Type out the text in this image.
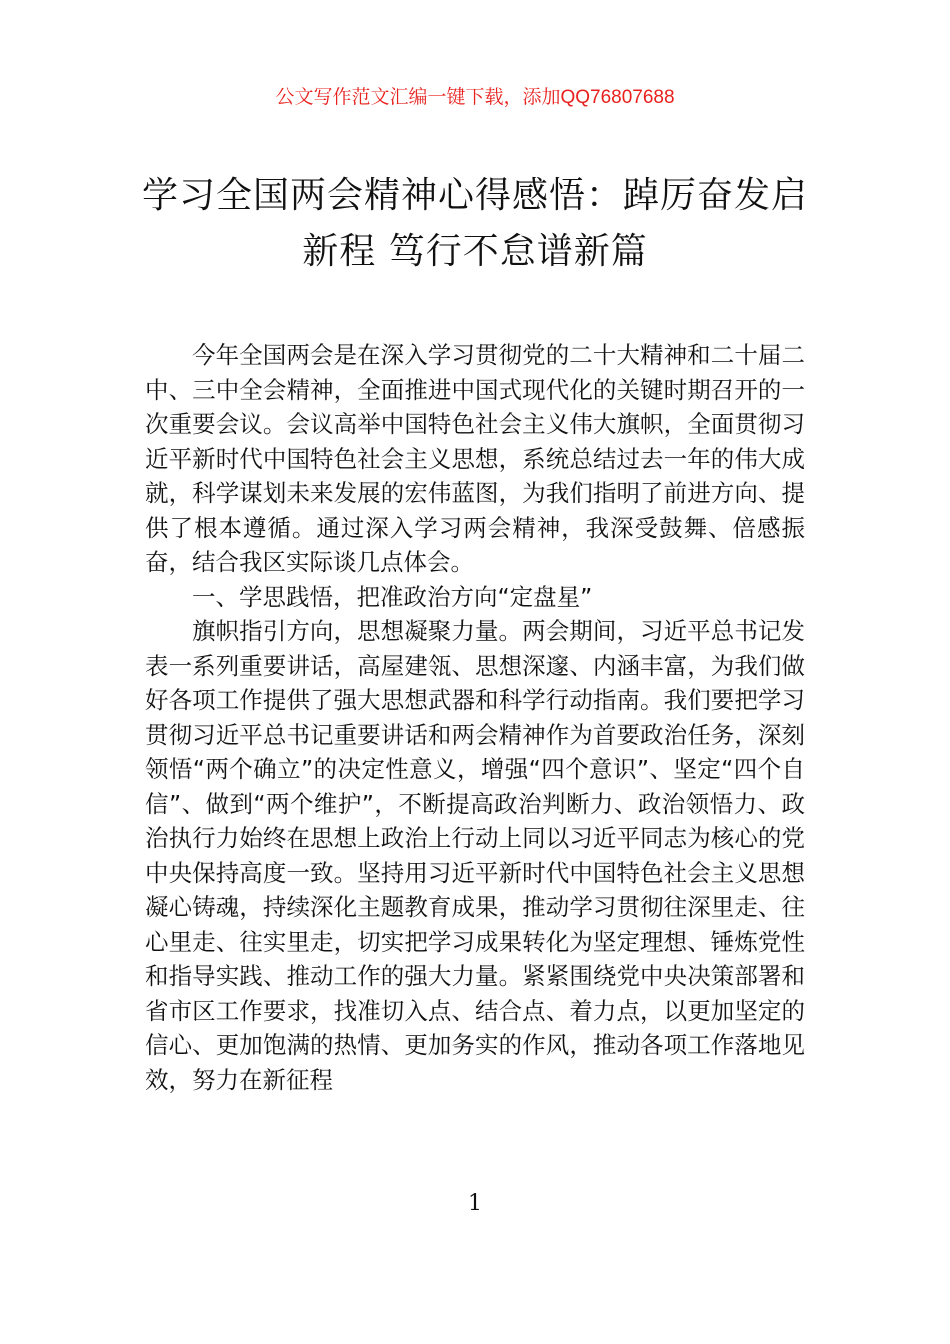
公文写作范文汇编一键下载，添加QQ76807688
学习全国两会精神心得感悟：踔厉奋发启
新程 笃行不怠谱新篇

今年全国两会是在深入学习贯彻党的二十大精神和二十届二中、三中全会精神，全面推进中国式现代化的关键时期召开的一次重要会议。会议高举中国特色社会主义伟大旗帜，全面贯彻习近平新时代中国特色社会主义思想，系统总结过去一年的伟大成就，科学谋划未来发展的宏伟蓝图，为我们指明了前进方向、提供了根本遵循。通过深入学习两会精神，我深受鼓舞、倍感振奋，结合我区实际谈几点体会。

一、学思践悟，把准政治方向“定盘星”

旗帜指引方向，思想凝聚力量。两会期间，习近平总书记发表一系列重要讲话，高屋建瓴、思想深邃、内涵丰富，为我们做好各项工作提供了强大思想武器和科学行动指南。我们要把学习贯彻习近平总书记重要讲话和两会精神作为首要政治任务，深刻领悟“两个确立”的决定性意义，增强“四个意识”、坚定“四个自信”、做到“两个维护”，不断提高政治判断力、政治领悟力、政治执行力始终在思想上政治上行动上同以习近平同志为核心的党中央保持高度一致。坚持用习近平新时代中国特色社会主义思想凝心铸魂，持续深化主题教育成果，推动学习贯彻往深里走、往心里走、往实里走，切实把学习成果转化为坚定理想、锤炼党性和指导实践、推动工作的强大力量。紧紧围绕党中央决策部署和省市区工作要求，找准切入点、结合点、着力点，以更加坚定的信心、更加饱满的热情、更加务实的作风，推动各项工作落地见效，努力在新征程

1
